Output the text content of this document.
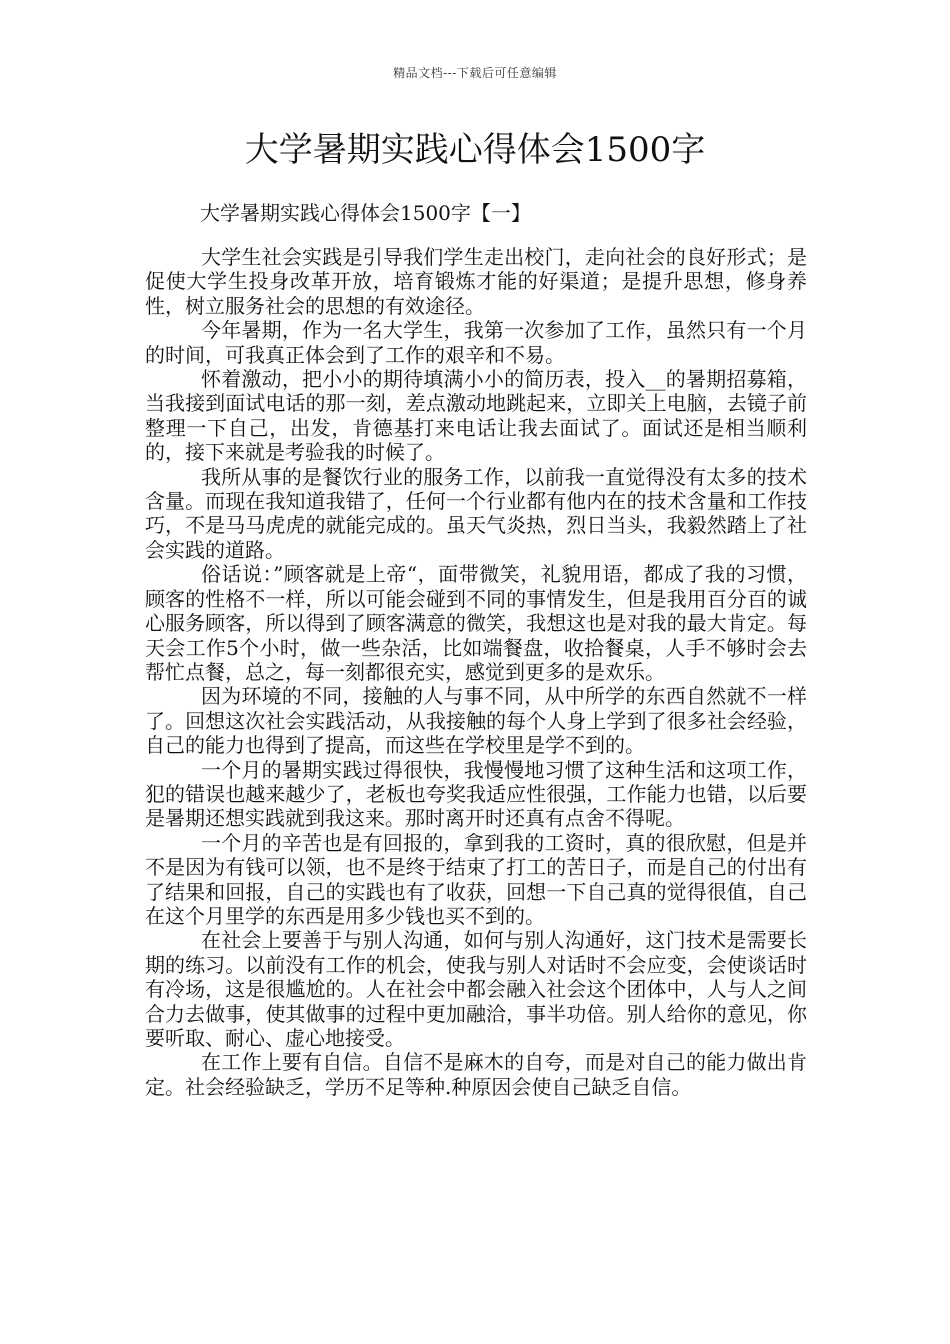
精品文档---下载后可任意编辑
大学暑期实践心得体会1500字
大学暑期实践心得体会1500字【一】

大学生社会实践是引导我们学生走出校门，走向社会的良好形式；是促使大学生投身改革开放，培育锻炼才能的好渠道；是提升思想，修身养性，树立服务社会的思想的有效途径。

今年暑期，作为一名大学生，我第一次参加了工作，虽然只有一个月的时间，可我真正体会到了工作的艰辛和不易。

怀着激动，把小小的期待填满小小的简历表，投入__的暑期招募箱，当我接到面试电话的那一刻，差点激动地跳起来，立即关上电脑，去镜子前整理一下自己，出发，肯德基打来电话让我去面试了。面试还是相当顺利的，接下来就是考验我的时候了。

我所从事的是餐饮行业的服务工作，以前我一直觉得没有太多的技术含量。而现在我知道我错了，任何一个行业都有他内在的技术含量和工作技巧，不是马马虎虎的就能完成的。虽天气炎热，烈日当头，我毅然踏上了社会实践的道路。

俗话说：”顾客就是上帝“，面带微笑，礼貌用语，都成了我的习惯，顾客的性格不一样，所以可能会碰到不同的事情发生，但是我用百分百的诚心服务顾客，所以得到了顾客满意的微笑，我想这也是对我的最大肯定。每天会工作5个小时，做一些杂活，比如端餐盘，收拾餐桌，人手不够时会去帮忙点餐，总之，每一刻都很充实，感觉到更多的是欢乐。

因为环境的不同，接触的人与事不同，从中所学的东西自然就不一样了。回想这次社会实践活动，从我接触的每个人身上学到了很多社会经验，自己的能力也得到了提高，而这些在学校里是学不到的。

一个月的暑期实践过得很快，我慢慢地习惯了这种生活和这项工作，犯的错误也越来越少了，老板也夸奖我适应性很强，工作能力也错，以后要是暑期还想实践就到我这来。那时离开时还真有点舍不得呢。

一个月的辛苦也是有回报的，拿到我的工资时，真的很欣慰，但是并不是因为有钱可以领，也不是终于结束了打工的苦日子，而是自己的付出有了结果和回报，自己的实践也有了收获，回想一下自己真的觉得很值，自己在这个月里学的东西是用多少钱也买不到的。

在社会上要善于与别人沟通，如何与别人沟通好，这门技术是需要长期的练习。以前没有工作的机会，使我与别人对话时不会应变，会使谈话时有冷场，这是很尴尬的。人在社会中都会融入社会这个团体中，人与人之间合力去做事，使其做事的过程中更加融洽，事半功倍。别人给你的意见，你要听取、耐心、虚心地接受。

在工作上要有自信。自信不是麻木的自夸，而是对自己的能力做出肯定。社会经验缺乏，学历不足等种.种原因会使自己缺乏自信。
